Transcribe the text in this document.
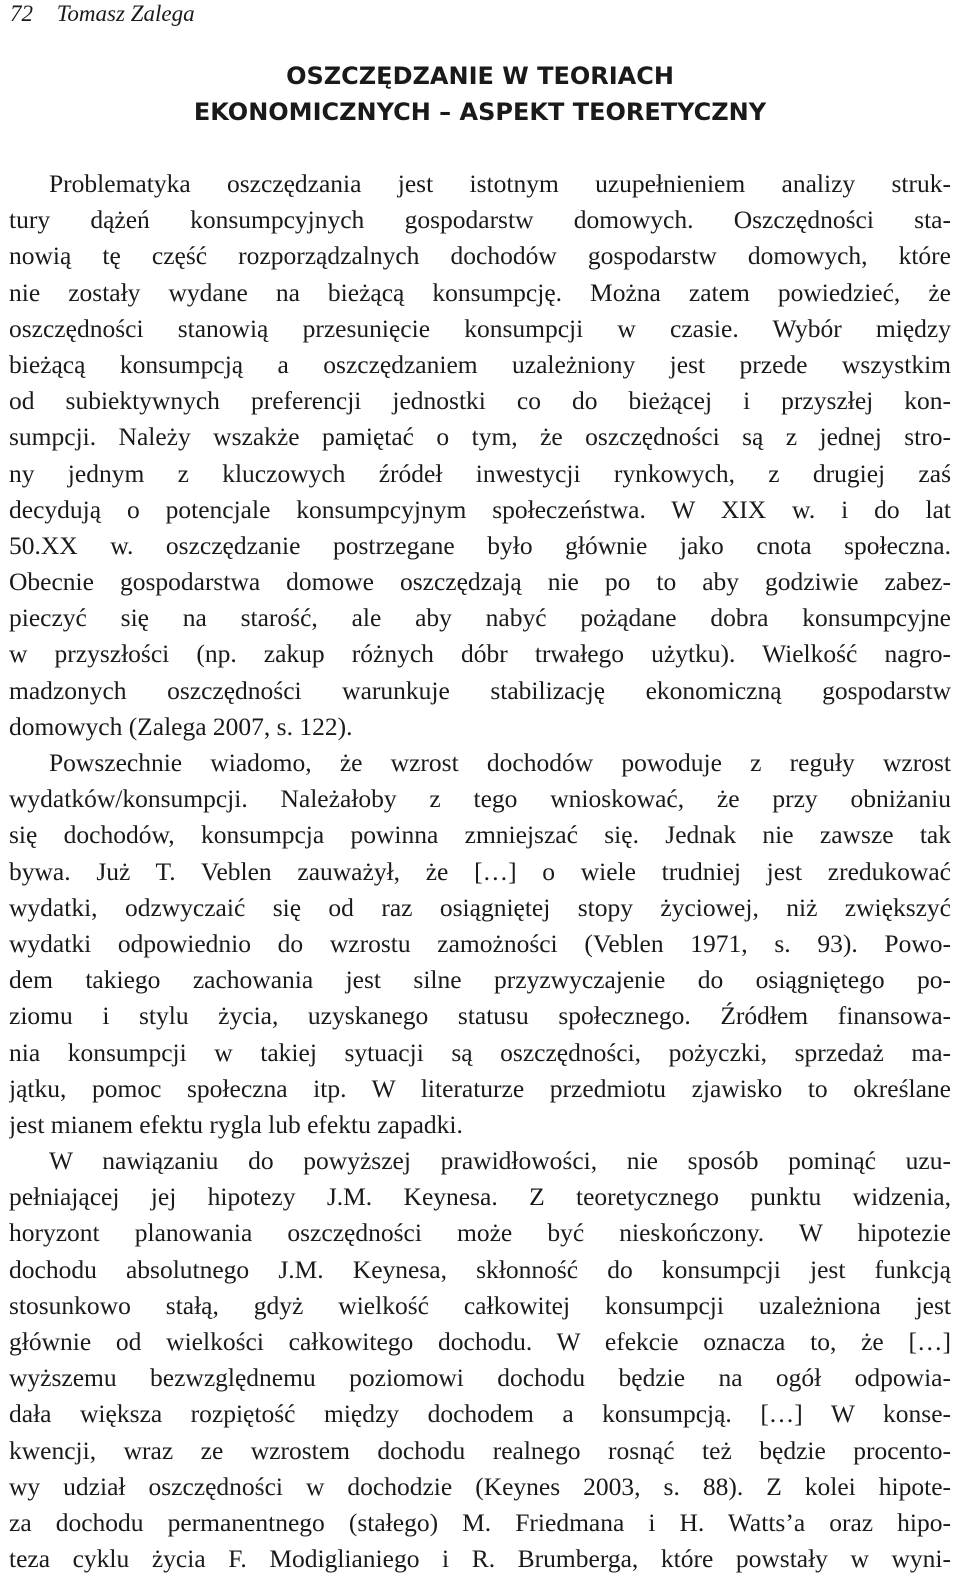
72 Tomasz Zalega
OSZCZĘDZANIE W TEORIACH
EKONOMICZNYCH – ASPEKT TEORETYCZNY
Problematyka oszczędzania jest istotnym uzupełnieniem analizy struk-
tury dążeń konsumpcyjnych gospodarstw domowych. Oszczędności sta-
nowią tę część rozporządzalnych dochodów gospodarstw domowych, które
nie zostały wydane na bieżącą konsumpcję. Można zatem powiedzieć, że
oszczędności stanowią przesunięcie konsumpcji w czasie. Wybór między
bieżącą konsumpcją a oszczędzaniem uzależniony jest przede wszystkim
od subiektywnych preferencji jednostki co do bieżącej i przyszłej kon-
sumpcji. Należy wszakże pamiętać o tym, że oszczędności są z jednej stro-
ny jednym z kluczowych źródeł inwestycji rynkowych, z drugiej zaś
decydują o potencjale konsumpcyjnym społeczeństwa. W XIX w. i do lat
50.XX w. oszczędzanie postrzegane było głównie jako cnota społeczna.
Obecnie gospodarstwa domowe oszczędzają nie po to aby godziwie zabez-
pieczyć się na starość, ale aby nabyć pożądane dobra konsumpcyjne
w przyszłości (np. zakup różnych dóbr trwałego użytku). Wielkość nagro-
madzonych oszczędności warunkuje stabilizację ekonomiczną gospodarstw
domowych (Zalega 2007, s. 122).
Powszechnie wiadomo, że wzrost dochodów powoduje z reguły wzrost
wydatków/konsumpcji. Należałoby z tego wnioskować, że przy obniżaniu
się dochodów, konsumpcja powinna zmniejszać się. Jednak nie zawsze tak
bywa. Już T. Veblen zauważył, że […] o wiele trudniej jest zredukować
wydatki, odzwyczaić się od raz osiągniętej stopy życiowej, niż zwiększyć
wydatki odpowiednio do wzrostu zamożności (Veblen 1971, s. 93). Powo-
dem takiego zachowania jest silne przyzwyczajenie do osiągniętego po-
ziomu i stylu życia, uzyskanego statusu społecznego. Źródłem finansowa-
nia konsumpcji w takiej sytuacji są oszczędności, pożyczki, sprzedaż ma-
jątku, pomoc społeczna itp. W literaturze przedmiotu zjawisko to określane
jest mianem efektu rygla lub efektu zapadki.
W nawiązaniu do powyższej prawidłowości, nie sposób pominąć uzu-
pełniającej jej hipotezy J.M. Keynesa. Z teoretycznego punktu widzenia,
horyzont planowania oszczędności może być nieskończony. W hipotezie
dochodu absolutnego J.M. Keynesa, skłonność do konsumpcji jest funkcją
stosunkowo stałą, gdyż wielkość całkowitej konsumpcji uzależniona jest
głównie od wielkości całkowitego dochodu. W efekcie oznacza to, że […]
wyższemu bezwzględnemu poziomowi dochodu będzie na ogół odpowia-
dała większa rozpiętość między dochodem a konsumpcją. […] W konse-
kwencji, wraz ze wzrostem dochodu realnego rosnąć też będzie procento-
wy udział oszczędności w dochodzie (Keynes 2003, s. 88). Z kolei hipote-
za dochodu permanentnego (stałego) M. Friedmana i H. Watts’a oraz hipo-
teza cyklu życia F. Modiglianiego i R. Brumberga, które powstały w wyni-
